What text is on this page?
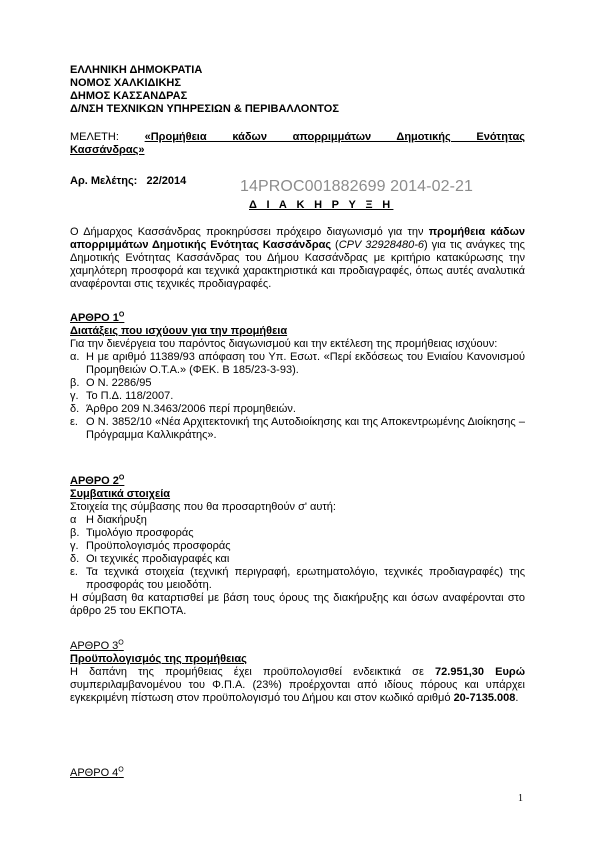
ΕΛΛΗΝΙΚΗ ΔΗΜΟΚΡΑΤΙΑ
ΝΟΜΟΣ ΧΑΛΚΙΔΙΚΗΣ
ΔΗΜΟΣ ΚΑΣΣΑΝΔΡΑΣ
Δ/ΝΣΗ ΤΕΧΝΙΚΩΝ ΥΠΗΡΕΣΙΩΝ & ΠΕΡΙΒΑΛΛΟΝΤΟΣ
ΜΕΛΕΤΗ: «Προμήθεια κάδων απορριμμάτων Δημοτικής Ενότητας
Κασσάνδρας»
Αρ. Μελέτης: 22/2014	14PROC001882699 2014-02-21
Δ Ι Α Κ Η Ρ Υ Ξ Η
Ο Δήμαρχος Κασσάνδρας προκηρύσσει πρόχειρο διαγωνισμό για την προμήθεια κάδων απορριμμάτων Δημοτικής Ενότητας Κασσάνδρας (CPV 32928480-6) για τις ανάγκες της Δημοτικής Ενότητας Κασσάνδρας του Δήμου Κασσάνδρας με κριτήριο κατακύρωσης την χαμηλότερη προσφορά και τεχνικά χαρακτηριστικά και προδιαγραφές, όπως αυτές αναλυτικά αναφέρονται στις τεχνικές προδιαγραφές.
ΑΡΘΡΟ $1^O$
Διατάξεις που ισχύουν για την προμήθεια
Για την διενέργεια του παρόντος διαγωνισμού και την εκτέλεση της προμήθειας ισχύουν:
α. Η με αριθμό 11389/93 απόφαση του Υπ. Εσωτ. «Περί εκδόσεως του Ενιαίου Κανονισμού Προμηθειών Ο.Τ.Α.» (ΦΕΚ. Β 185/23-3-93).
β. Ο Ν. 2286/95
γ. Το Π.Δ. 118/2007.
δ. Άρθρο 209 Ν.3463/2006 περί προμηθειών.
ε. Ο Ν. 3852/10 «Νέα Αρχιτεκτονική της Αυτοδιοίκησης και της Αποκεντρωμένης Διοίκησης – Πρόγραμμα Καλλικράτης».
ΑΡΘΡΟ $2^O$
Συμβατικά στοιχεία
Στοιχεία της σύμβασης που θα προσαρτηθούν σ' αυτή:
α Η διακήρυξη
β. Τιμολόγιο προσφοράς
γ. Προϋπολογισμός προσφοράς
δ. Οι τεχνικές προδιαγραφές και
ε. Τα τεχνικά στοιχεία (τεχνική περιγραφή, ερωτηματολόγιο, τεχνικές προδιαγραφές) της προσφοράς του μειοδότη.
Η σύμβαση θα καταρτισθεί με βάση τους όρους της διακήρυξης και όσων αναφέρονται στο άρθρο 25 του ΕΚΠΟΤΑ.
ΑΡΘΡΟ $3^O$
Προϋπολογισμός της προμήθειας
Η δαπάνη της προμήθειας έχει προϋπολογισθεί ενδεικτικά σε 72.951,30 Ευρώ συμπεριλαμβανομένου του Φ.Π.Α. (23%) προέρχονται από ιδίους πόρους και υπάρχει εγκεκριμένη πίστωση στον προϋπολογισμό του Δήμου και στον κωδικό αριθμό 20-7135.008.
ΑΡΘΡΟ $4^O$
1
